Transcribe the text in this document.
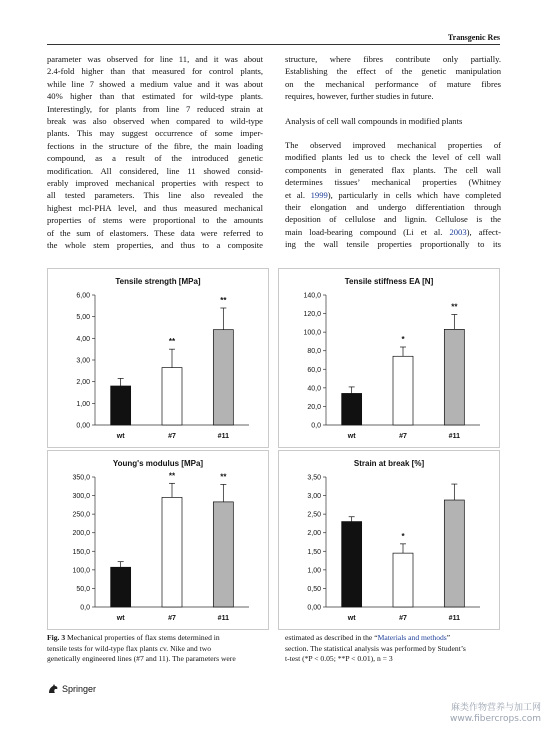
Transgenic Res

parameter was observed for line 11, and it was about
2.4-fold higher than that measured for control plants,
while line 7 showed a medium value and it was about
40% higher than that estimated for wild-type plants.
Interestingly, for plants from line 7 reduced strain at
break was also observed when compared to wild-type
plants. This may suggest occurrence of some imper-
fections in the structure of the fibre, the main loading
compound, as a result of the introduced genetic
modification. All considered, line 11 showed consid-
erably improved mechanical properties with respect to
all tested parameters. This line also revealed the
highest mcl-PHA level, and thus measured mechanical
properties of stems were proportional to the amounts
of the sum of elastomers. These data were referred to
the whole stem properties, and thus to a composite

structure, where fibres contribute only partially.
Establishing the effect of the genetic manipulation
on the mechanical performance of mature fibres
requires, however, further studies in future.

Analysis of cell wall compounds in modified plants

The observed improved mechanical properties of
modified plants led us to check the level of cell wall
components in generated flax plants. The cell wall
determines tissues’ mechanical properties (Whitney
et al. 1999), particularly in cells which have completed
their elongation and undergo differentiation through
deposition of cellulose and lignin. Cellulose is the
main load-bearing compound (Li et al. 2003), affect-
ing the wall tensile properties proportionally to its

Tensile strength [MPa]
0,00
1,00
2,00
3,00
4,00
5,00
6,00
wt
**
#7
**
#11
Tensile stiffness EA [N]
0,0
20,0
40,0
60,0
80,0
100,0
120,0
140,0
wt
*
#7
**
#11
Young's modulus [MPa]
0,0
50,0
100,0
150,0
200,0
250,0
300,0
350,0
wt
**
#7
**
#11
Strain at break [%]
0,00
0,50
1,00
1,50
2,00
2,50
3,00
3,50
wt
*
#7	#11
Fig. 3 Mechanical properties of flax stems determined in
tensile tests for wild-type flax plants cv. Nike and two
genetically engineered lines (#7 and 11). The parameters were
estimated as described in the “Materials and methods”
section. The statistical analysis was performed by Student’s
t-test (*P < 0.05; **P < 0.01), n = 3
Springer
麻类作物营养与加工网
www.fibercrops.com
